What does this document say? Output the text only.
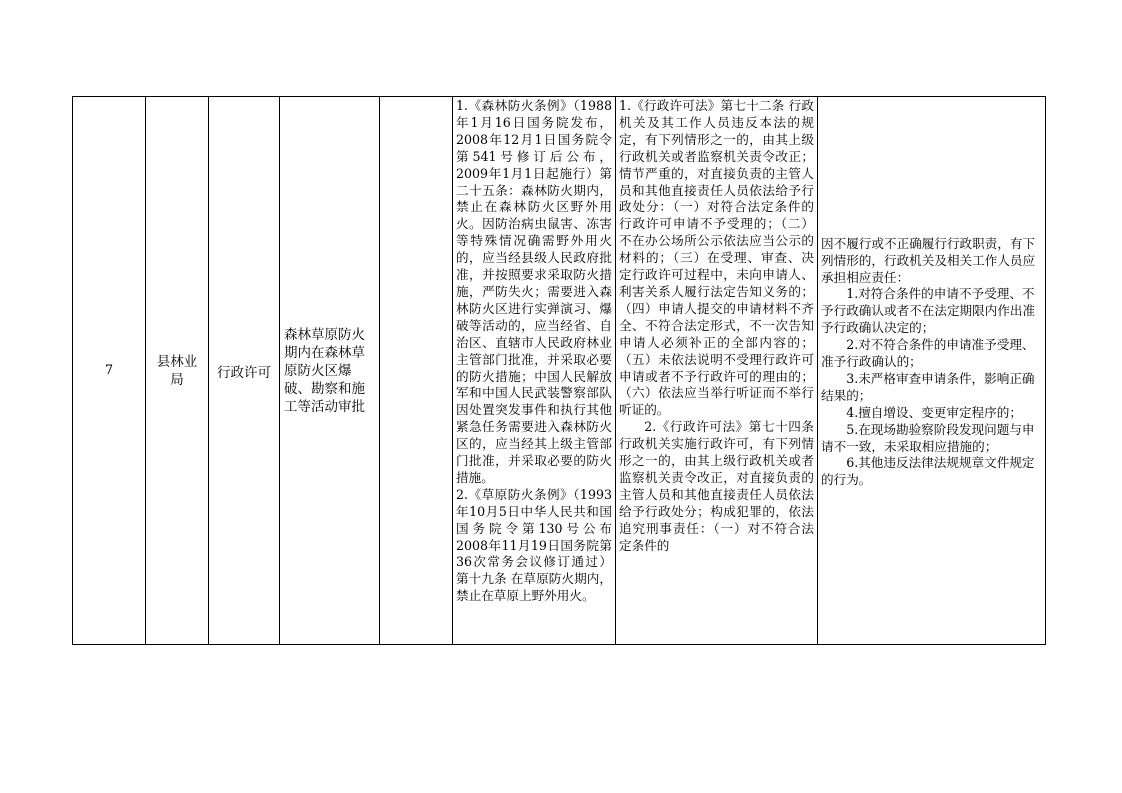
7
县林业局	行政许可
森林草原防火期内在森林草原防火区爆破、勘察和施工等活动审批

1.《森林防火条例》（1988年1月16日国务院发布，2008年12月1日国务院令第541号修订后公布，2009年1月1日起施行）第二十五条：森林防火期内，禁止在森林防火区野外用火。因防治病虫鼠害、冻害等特殊情况确需野外用火的，应当经县级人民政府批准，并按照要求采取防火措施，严防失火；需要进入森林防火区进行实弹演习、爆破等活动的，应当经省、自治区、直辖市人民政府林业主管部门批准，并采取必要的防火措施；中国人民解放军和中国人民武装警察部队因处置突发事件和执行其他紧急任务需要进入森林防火区的，应当经其上级主管部门批准，并采取必要的防火措施。

2.《草原防火条例》（1993年10月5日中华人民共和国国务院令第130号公布 2008年11月19日国务院第36次常务会议修订通过） 第十九条 在草原防火期内，禁止在草原上野外用火。

1.《行政许可法》第七十二条 行政机关及其工作人员违反本法的规定，有下列情形之一的，由其上级行政机关或者监察机关责令改正；情节严重的，对直接负责的主管人员和其他直接责任人员依法给予行政处分：（一）对符合法定条件的行政许可申请不予受理的；（二）不在办公场所公示依法应当公示的材料的；（三）在受理、审查、决定行政许可过程中，未向申请人、利害关系人履行法定告知义务的；（四）申请人提交的申请材料不齐全、不符合法定形式，不一次告知申请人必须补正的全部内容的；（五）未依法说明不受理行政许可申请或者不予行政许可的理由的；（六）依法应当举行听证而不举行听证的。

2.《行政许可法》第七十四条行政机关实施行政许可，有下列情形之一的，由其上级行政机关或者监察机关责令改正，对直接负责的主管人员和其他直接责任人员依法给予行政处分；构成犯罪的，依法追究刑事责任：（一）对不符合法定条件的

因不履行或不正确履行行政职责，有下列情形的，行政机关及相关工作人员应承担相应责任：

1.对符合条件的申请不予受理、不予行政确认或者不在法定期限内作出准予行政确认决定的；

2.对不符合条件的申请准予受理、准予行政确认的；

3.未严格审查申请条件，影响正确结果的；

4.擅自增设、变更审定程序的；

5.在现场勘验察阶段发现问题与申请不一致，未采取相应措施的；

6.其他违反法律法规规章文件规定的行为。
